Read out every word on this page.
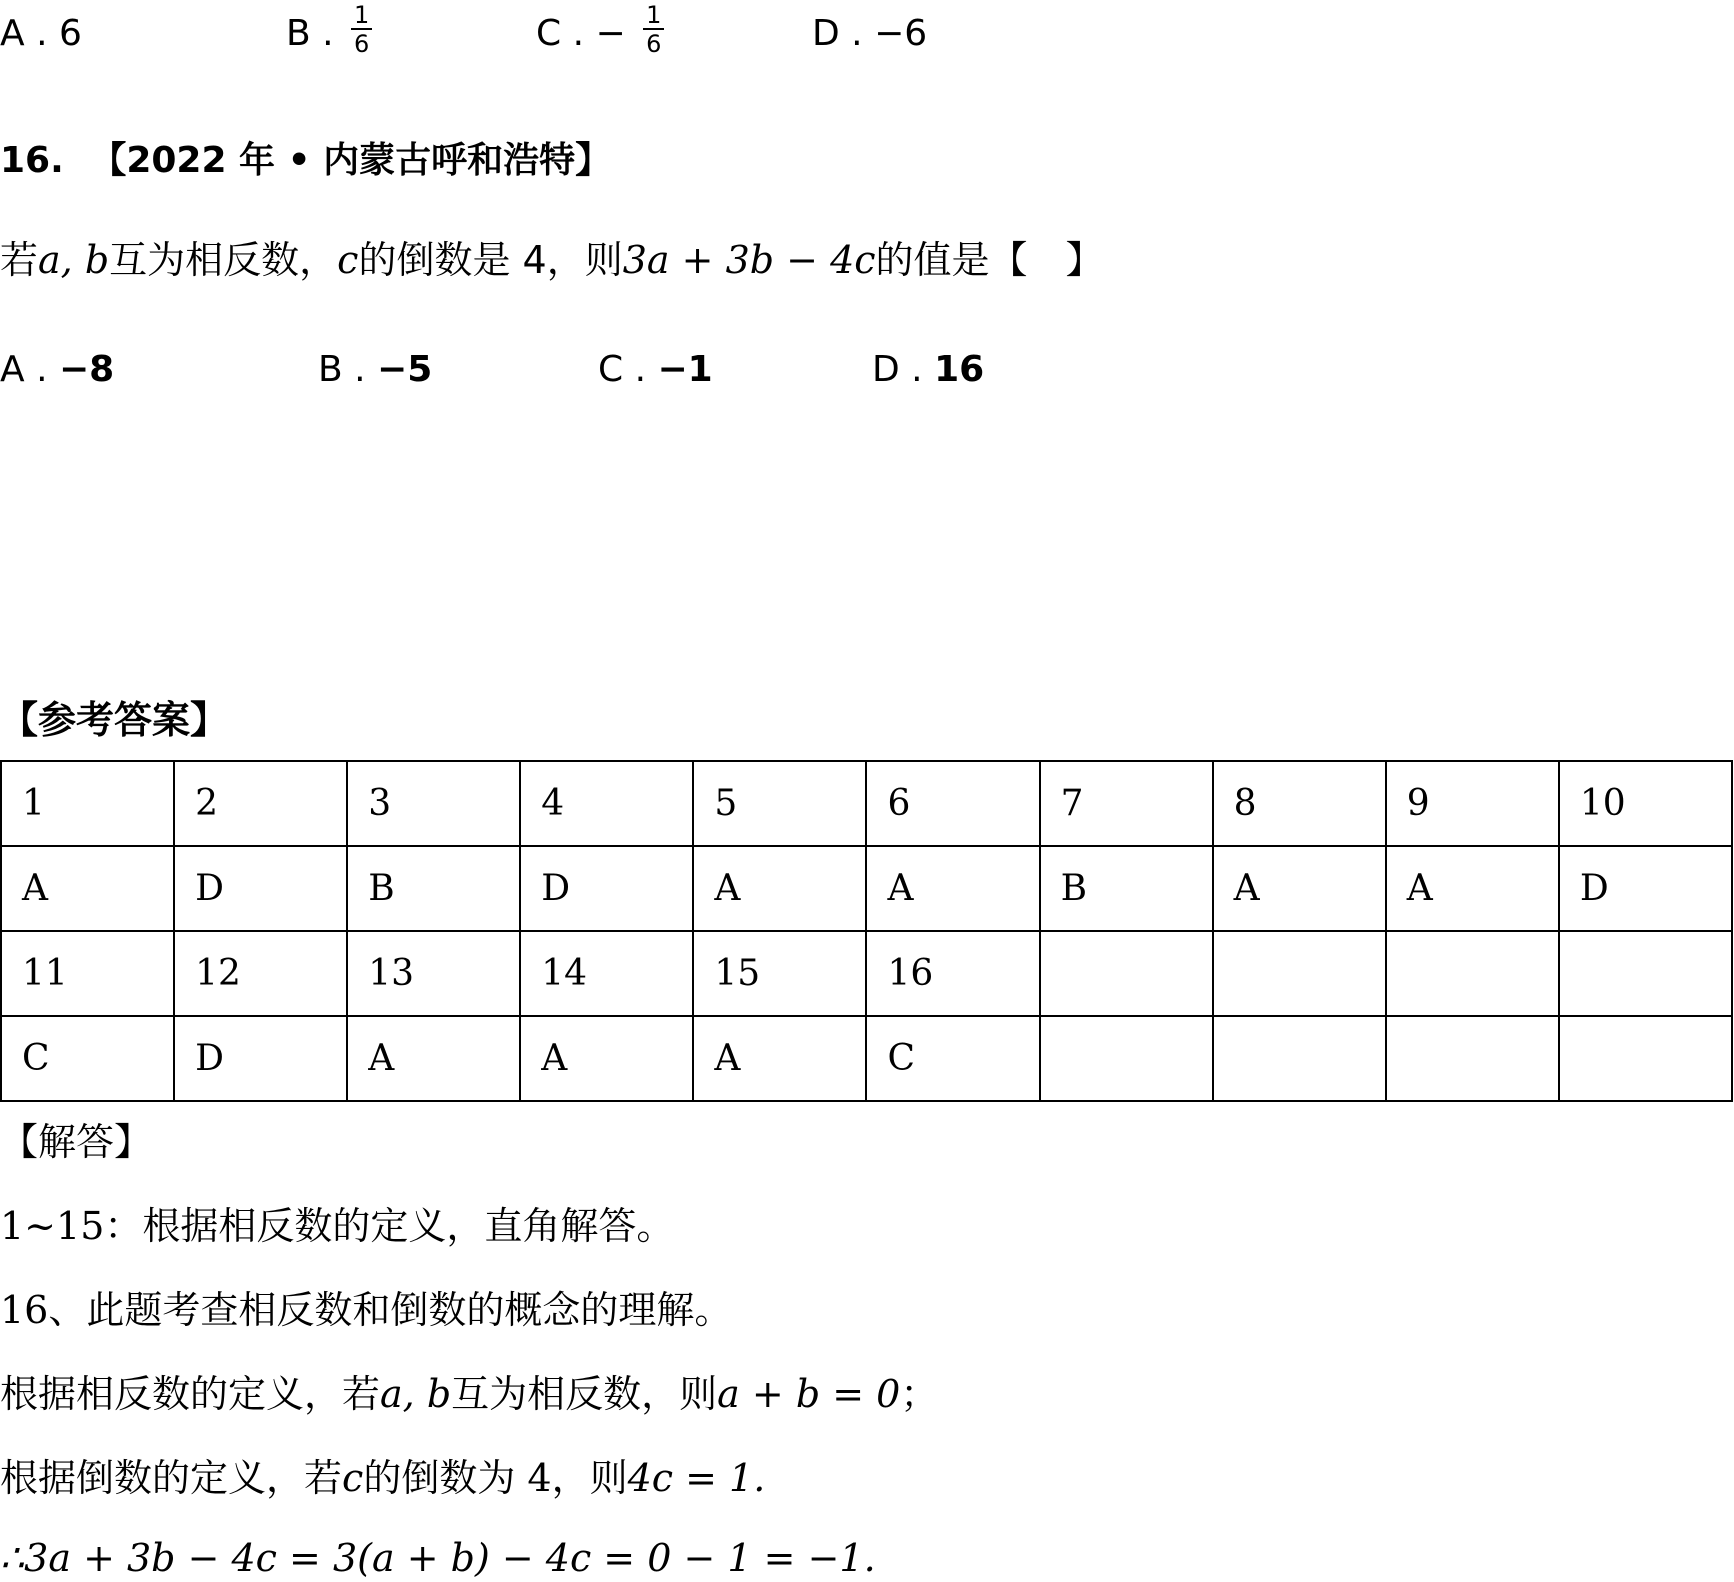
A . 6	B . $\frac{1}{6}$	C . − $\frac{1}{6}$	D . −6
16. 【2022 年 • 内蒙古呼和浩特】
若a, b互为相反数，c的倒数是 4，则3a + 3b − 4c的值是【　】
A . −8	B . −5	C . −1	D . 16
【参考答案】
1	2	3	4	5	6	7	8	9	10
A	D	B	D	A	A	B	A	A	D
11	12	13	14	15	16				
C	D	A	A	A	C				
【解答】
1~15：根据相反数的定义，直角解答。
16、此题考查相反数和倒数的概念的理解。
根据相反数的定义，若a, b互为相反数，则a + b = 0；
根据倒数的定义，若c的倒数为 4，则4c = 1.
∴3a + 3b − 4c = 3(a + b) − 4c = 0 − 1 = −1.
